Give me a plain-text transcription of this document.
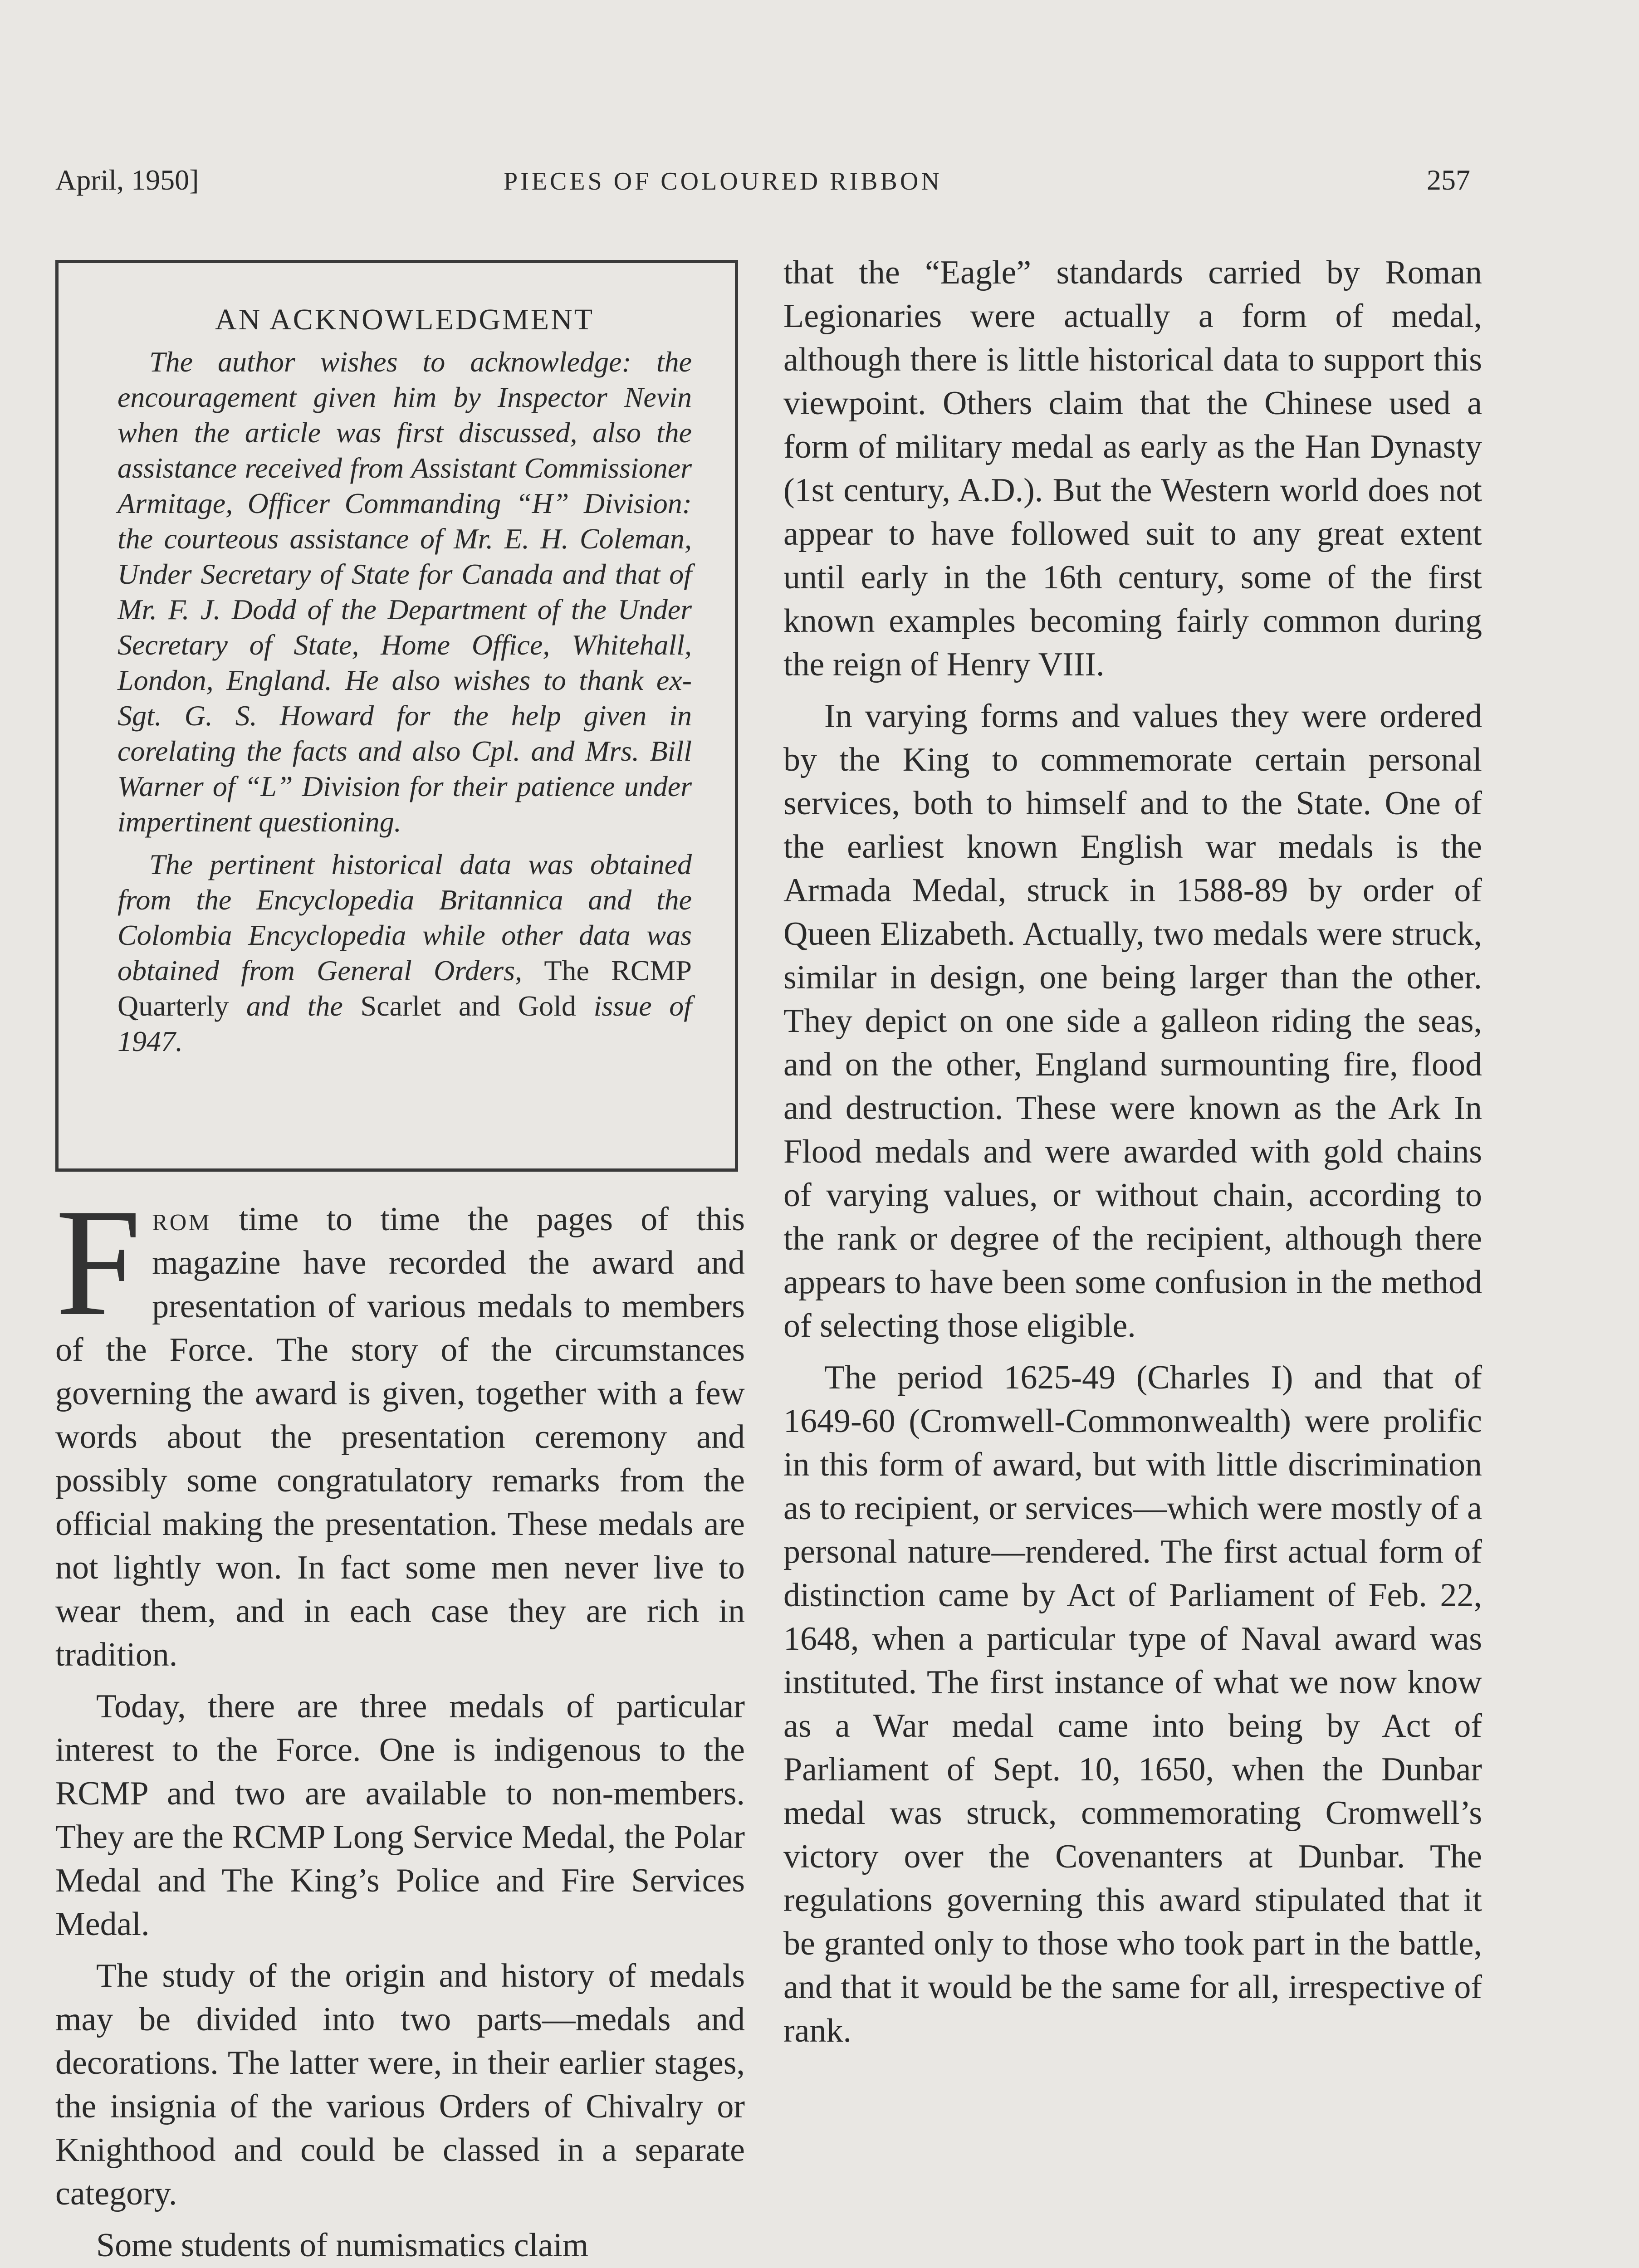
April, 1950]	PIECES OF COLOURED RIBBON	257
AN ACKNOWLEDGMENT

The author wishes to acknowledge: the encouragement given him by Inspector Nevin when the article was first discussed, also the assistance received from Assistant Commissioner Armitage, Officer Commanding “H” Division: the courteous assistance of Mr. E. H. Coleman, Under Secretary of State for Canada and that of Mr. F. J. Dodd of the Department of the Under Secretary of State, Home Office, Whitehall, London, England. He also wishes to thank ex-Sgt. G. S. Howard for the help given in corelating the facts and also Cpl. and Mrs. Bill Warner of “L” Division for their patience under impertinent questioning.

The pertinent historical data was obtained from the Encyclopedia Britannica and the Colombia Encyclopedia while other data was obtained from General Orders, The RCMP Quarterly and the Scarlet and Gold issue of 1947.

From time to time the pages of this magazine have recorded the award and presentation of various medals to members of the Force. The story of the circumstances governing the award is given, together with a few words about the presentation ceremony and possibly some congratulatory remarks from the official making the presentation. These medals are not lightly won. In fact some men never live to wear them, and in each case they are rich in tradition.

Today, there are three medals of particular interest to the Force. One is indigenous to the RCMP and two are available to non-members. They are the RCMP Long Service Medal, the Polar Medal and The King’s Police and Fire Services Medal.

The study of the origin and history of medals may be divided into two parts—medals and decorations. The latter were, in their earlier stages, the insignia of the various Orders of Chivalry or Knighthood and could be classed in a separate category.

Some students of numismatics claim

that the “Eagle” standards carried by Roman Legionaries were actually a form of medal, although there is little historical data to support this viewpoint. Others claim that the Chinese used a form of military medal as early as the Han Dynasty (1st century, A.D.). But the Western world does not appear to have followed suit to any great extent until early in the 16th century, some of the first known examples becoming fairly common during the reign of Henry VIII.

In varying forms and values they were ordered by the King to commemorate certain personal services, both to himself and to the State. One of the earliest known English war medals is the Armada Medal, struck in 1588-89 by order of Queen Elizabeth. Actually, two medals were struck, similar in design, one being larger than the other. They depict on one side a galleon riding the seas, and on the other, England surmounting fire, flood and destruction. These were known as the Ark In Flood medals and were awarded with gold chains of varying values, or without chain, according to the rank or degree of the recipient, although there appears to have been some confusion in the method of selecting those eligible.

The period 1625-49 (Charles I) and that of 1649-60 (Cromwell-Commonwealth) were prolific in this form of award, but with little discrimination as to recipient, or services—which were mostly of a personal nature—rendered. The first actual form of distinction came by Act of Parliament of Feb. 22, 1648, when a particular type of Naval award was instituted. The first instance of what we now know as a War medal came into being by Act of Parliament of Sept. 10, 1650, when the Dunbar medal was struck, commemorating Cromwell’s victory over the Covenanters at Dunbar. The regulations governing this award stipulated that it be granted only to those who took part in the battle, and that it would be the same for all, irrespective of rank.
